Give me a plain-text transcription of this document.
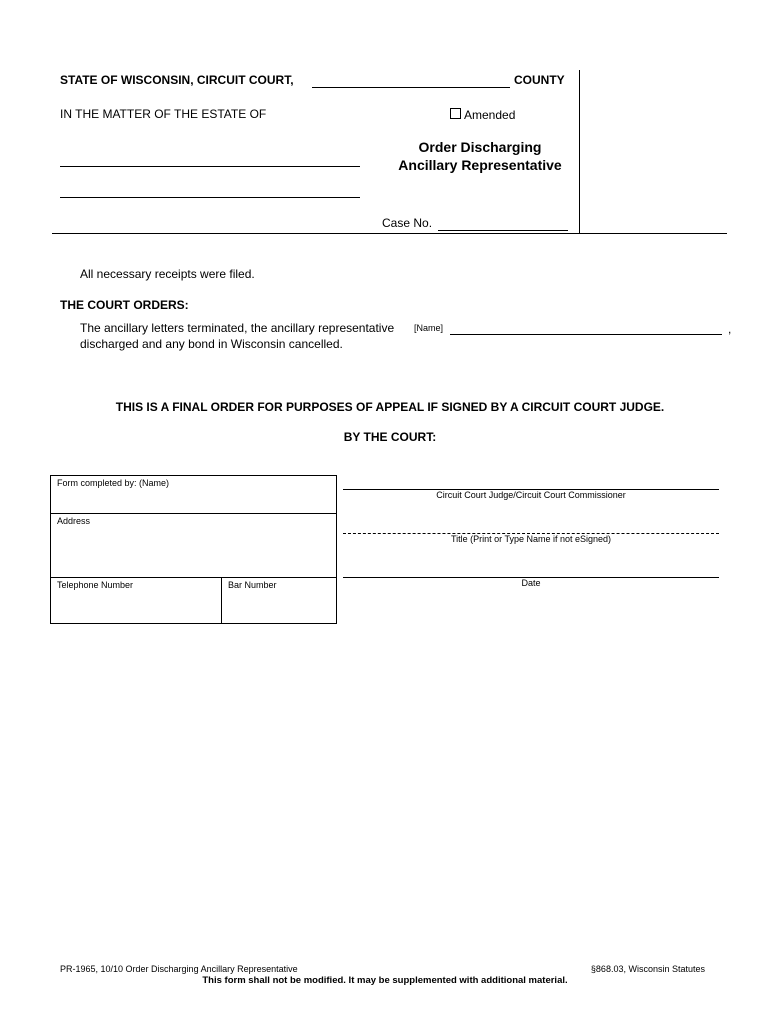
STATE OF WISCONSIN, CIRCUIT COURT,	COUNTY
IN THE MATTER OF THE ESTATE OF	Amended
Order Discharging
Ancillary Representative
Case No.
All necessary receipts were filed.
THE COURT ORDERS:
The ancillary letters terminated, the ancillary representative [Name]	,
discharged and any bond in Wisconsin cancelled.
THIS IS A FINAL ORDER FOR PURPOSES OF APPEAL IF SIGNED BY A CIRCUIT COURT JUDGE.
BY THE COURT:
Form completed by: (Name)
Address
Telephone Number	Bar Number
Circuit Court Judge/Circuit Court Commissioner
Title (Print or Type Name if not eSigned)
Date
PR-1965, 10/10 Order Discharging Ancillary Representative	§868.03, Wisconsin Statutes
This form shall not be modified. It may be supplemented with additional material.
